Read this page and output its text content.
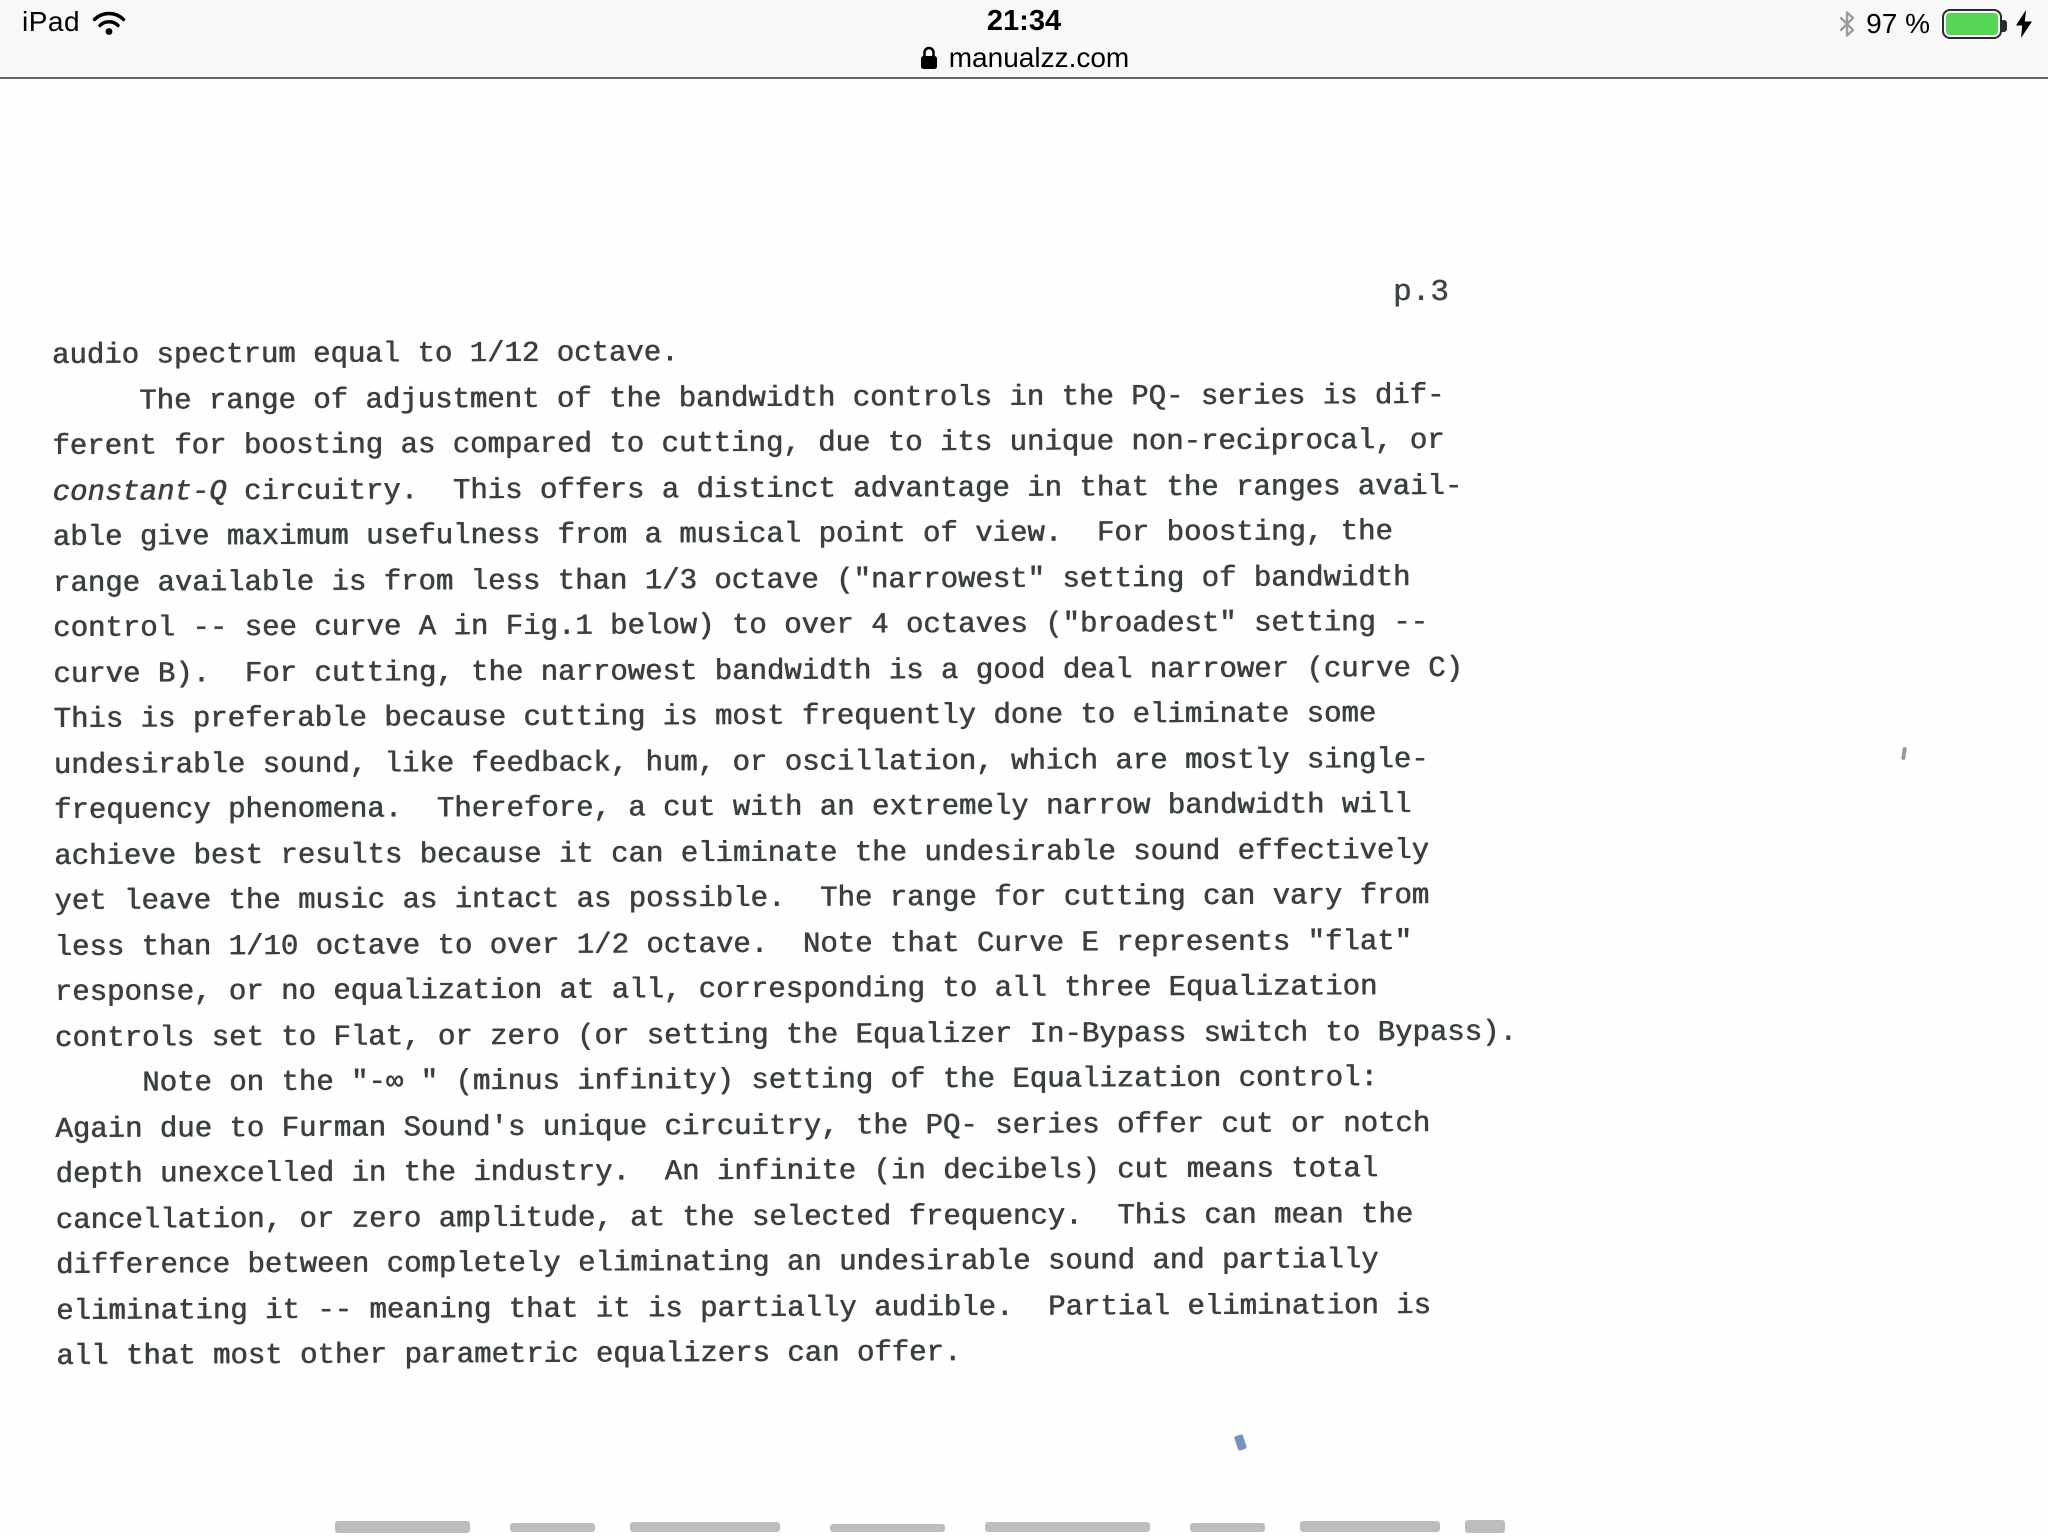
iPad	21:34
manualzz.com
97 %
p.3
audio spectrum equal to 1/12 octave.
The range of adjustment of the bandwidth controls in the PQ- series is dif-
ferent for boosting as compared to cutting, due to its unique non-reciprocal, or
constant-Q circuitry.  This offers a distinct advantage in that the ranges avail-
able give maximum usefulness from a musical point of view.  For boosting, the
range available is from less than 1/3 octave ("narrowest" setting of bandwidth
control -- see curve A in Fig.1 below) to over 4 octaves ("broadest" setting --
curve B).  For cutting, the narrowest bandwidth is a good deal narrower (curve C)
This is preferable because cutting is most frequently done to eliminate some
undesirable sound, like feedback, hum, or oscillation, which are mostly single-
frequency phenomena.  Therefore, a cut with an extremely narrow bandwidth will
achieve best results because it can eliminate the undesirable sound effectively
yet leave the music as intact as possible.  The range for cutting can vary from
less than 1/10 octave to over 1/2 octave.  Note that Curve E represents "flat"
response, or no equalization at all, corresponding to all three Equalization
controls set to Flat, or zero (or setting the Equalizer In-Bypass switch to Bypass).
Note on the "-∞ " (minus infinity) setting of the Equalization control:
Again due to Furman Sound's unique circuitry, the PQ- series offer cut or notch
depth unexcelled in the industry.  An infinite (in decibels) cut means total
cancellation, or zero amplitude, at the selected frequency.  This can mean the
difference between completely eliminating an undesirable sound and partially
eliminating it -- meaning that it is partially audible.  Partial elimination is
all that most other parametric equalizers can offer.
